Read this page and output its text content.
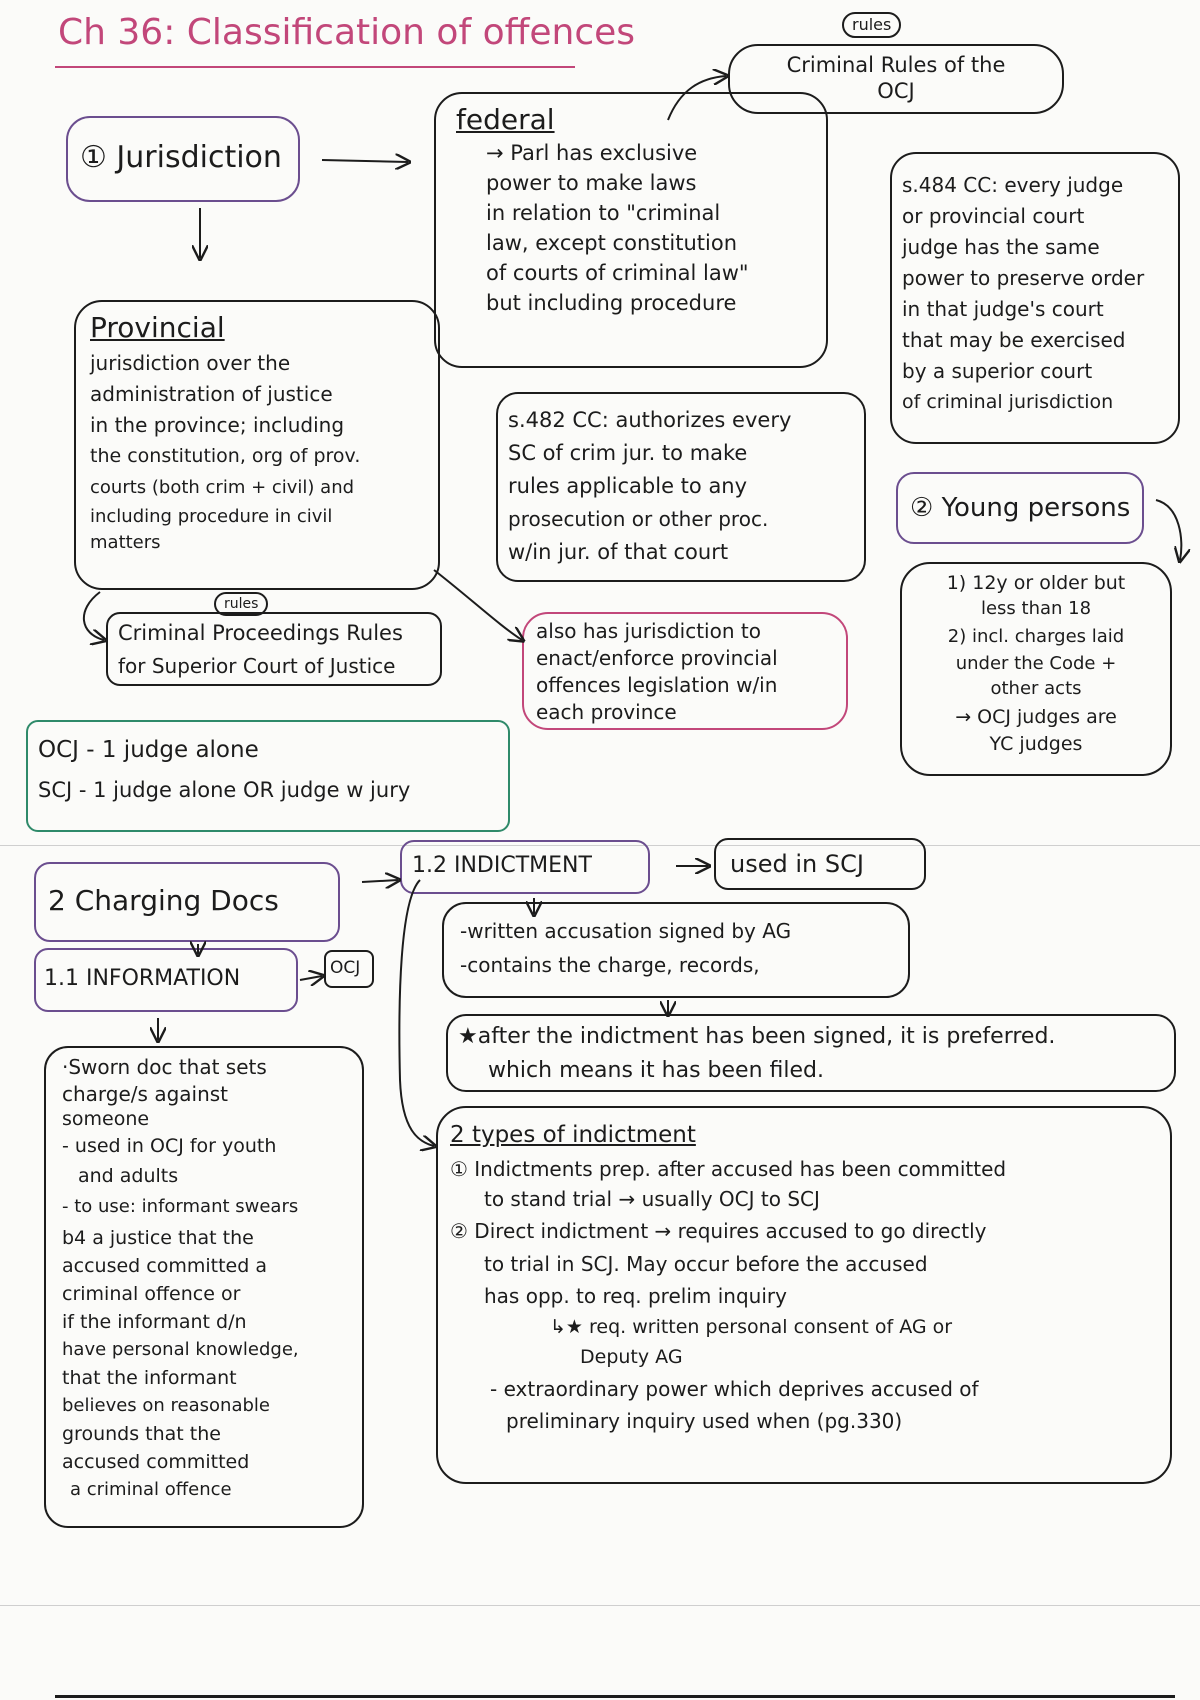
Ch 36: Classification of offences	rules
Criminal Rules of the
OCJ
① Jurisdiction
federal
→ Parl has exclusive
power to make laws
in relation to "criminal
law, except constitution
of courts of criminal law"
but including procedure
s.484 CC: every judge
or provincial court
judge has the same
power to preserve order
in that judge's court
that may be exercised
by a superior court
of criminal jurisdiction
Provincial
jurisdiction over the
administration of justice
in the province; including
the constitution, org of prov.
courts (both crim + civil) and
including procedure in civil
matters
s.482 CC: authorizes every
SC of crim jur. to make
rules applicable to any
prosecution or other proc.
w/in jur. of that court
② Young persons
1) 12y or older but
less than 18
2) incl. charges laid
under the Code +
other acts
→ OCJ judges are
YC judges
rules
Criminal Proceedings Rules
for Superior Court of Justice
also has jurisdiction to
enact/enforce provincial
offences legislation w/in
each province
OCJ - 1 judge alone
SCJ - 1 judge alone OR judge w jury
2 Charging Docs
1.2 INDICTMENT	used in SCJ
-written accusation signed by AG
-contains the charge, records,
★after the indictment has been signed, it is preferred.
which means it has been filed.
1.1 INFORMATION	OCJ
·Sworn doc that sets
charge/s against
someone
- used in OCJ for youth
and adults
- to use: informant swears
b4 a justice that the
accused committed a
criminal offence or
if the informant d/n
have personal knowledge,
that the informant
believes on reasonable
grounds that the
accused committed
a criminal offence
2 types of indictment
① Indictments prep. after accused has been committed
to stand trial → usually OCJ to SCJ
② Direct indictment → requires accused to go directly
to trial in SCJ. May occur before the accused
has opp. to req. prelim inquiry
↳★ req. written personal consent of AG or
Deputy AG
- extraordinary power which deprives accused of
preliminary inquiry used when (pg.330)
